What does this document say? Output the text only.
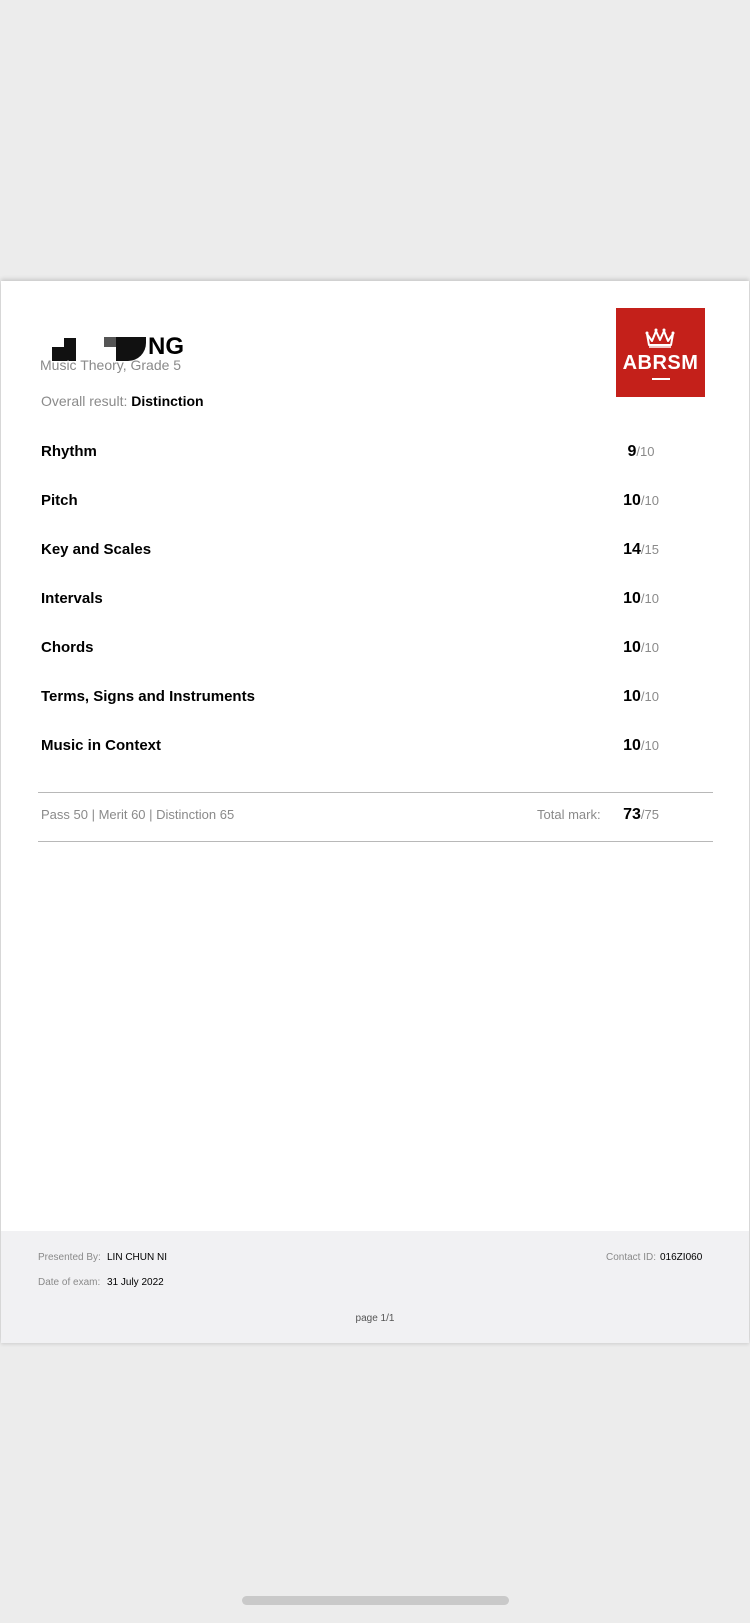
NG
Music Theory, Grade 5
Overall result: Distinction
ABRSM
Rhythm	9/10
Pitch	10/10
Key and Scales	14/15
Intervals	10/10
Chords	10/10
Terms, Signs and Instruments	10/10
Music in Context	10/10
Pass 50 | Merit 60 | Distinction 65	Total mark:	73/75
Presented By: LIN CHUN NI
Date of exam: 31 July 2022
Contact ID: 016ZI060
page 1/1
